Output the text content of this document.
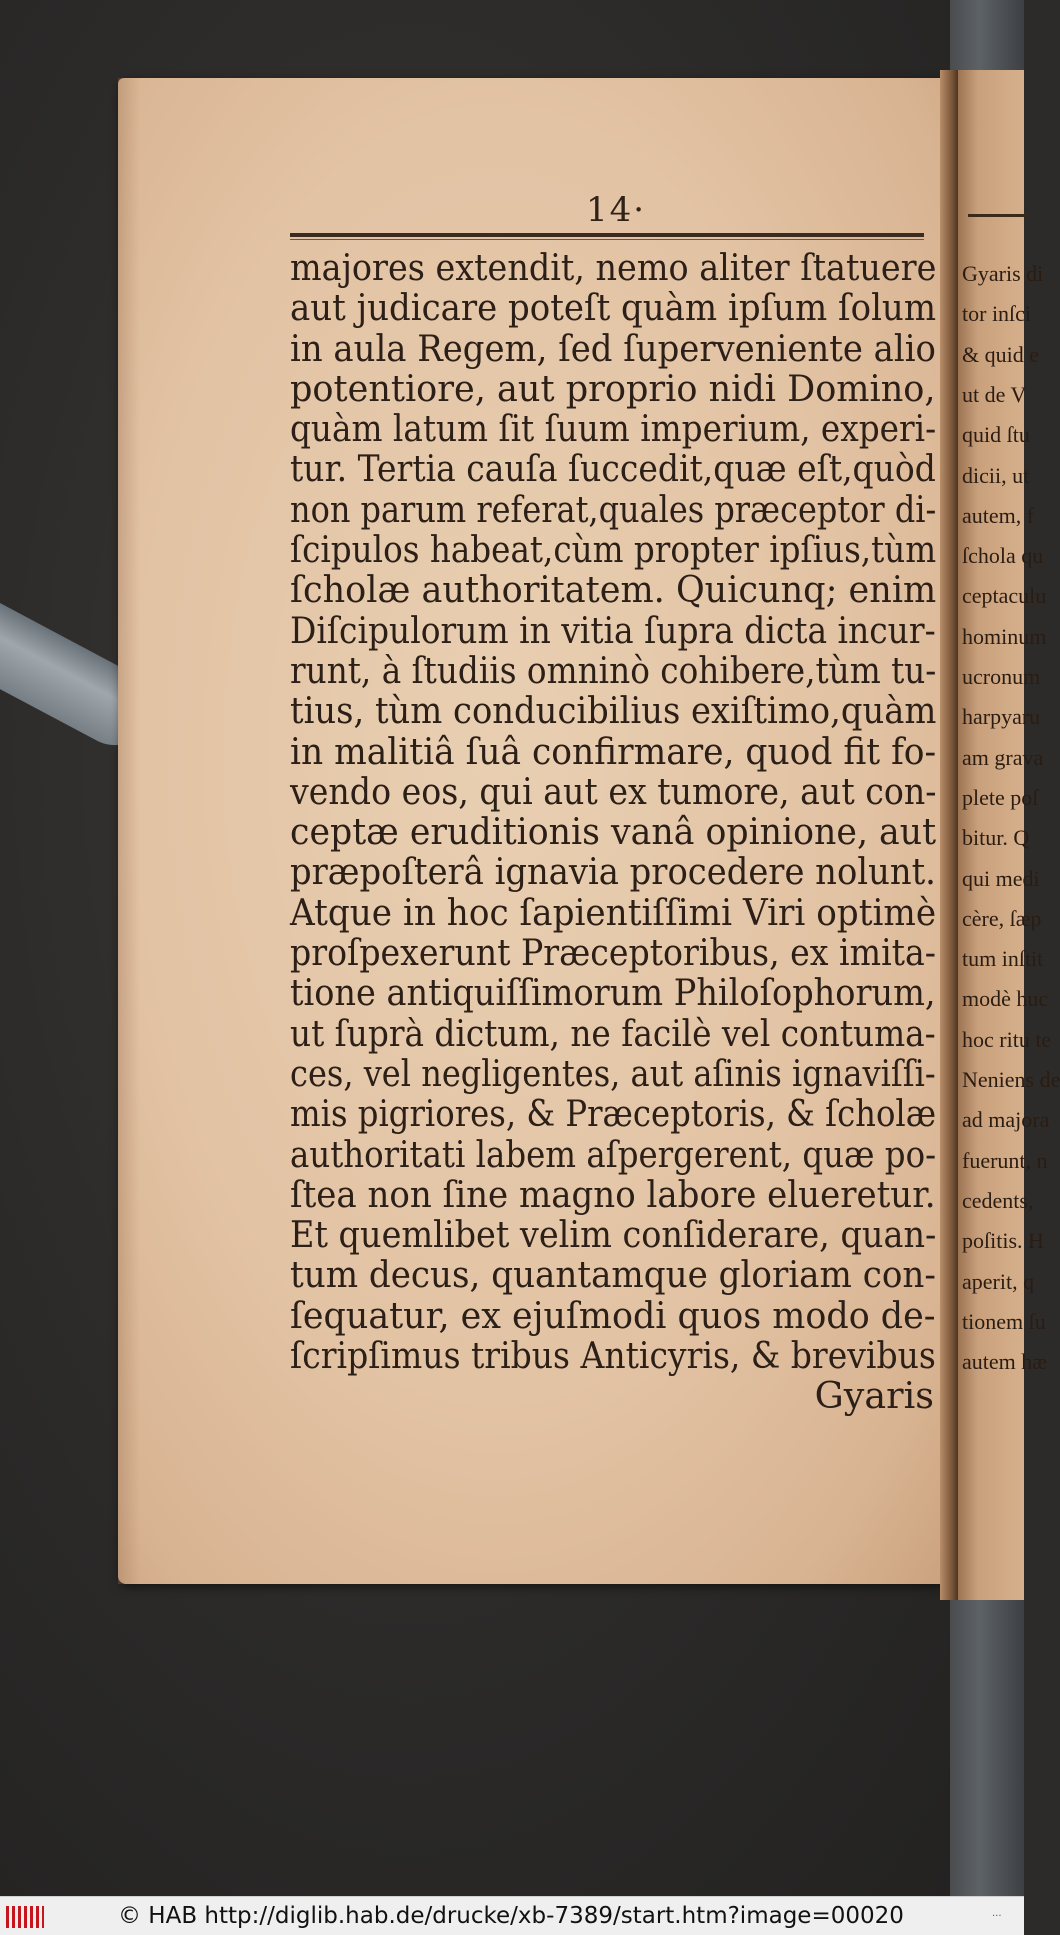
Gyaris di
tor inſci
& quid e
ut de V
quid ſtu
dicii, ut
autem, f
ſchola qu
ceptaculu
hominum
ucronum
harpyaru
am grava
plete poſ
bitur. Q
qui medi
cère, ſæp
tum inſtit
modè huc
hoc ritu te
Neniens de
ad majora
fuerunt, n
cedents,
poſitis. H
aperit, q
tionem ſu
autem hæ
14·
majores extendit, nemo aliter ſtatuere
aut judicare poteſt quàm ipſum ſolum
in aula Regem, ſed ſuperveniente alio
potentiore, aut proprio nidi Domino,
quàm latum ſit ſuum imperium, experi-
tur. Tertia cauſa ſuccedit,quæ eſt,quòd
non parum referat,quales præceptor di-
ſcipulos habeat,cùm propter ipſius,tùm
ſcholæ authoritatem. Quicunq; enim
Diſcipulorum in vitia ſupra dicta incur-
runt, à ſtudiis omninò cohibere,tùm tu-
tius, tùm conducibilius exiſtimo,quàm
in malitiâ ſuâ confirmare, quod fit fo-
vendo eos, qui aut ex tumore, aut con-
ceptæ eruditionis vanâ opinione, aut
præpoſterâ ignavia procedere nolunt.
Atque in hoc ſapientiſſimi Viri optimè
proſpexerunt Præceptoribus, ex imita-
tione antiquiſſimorum Philoſophorum,
ut ſuprà dictum, ne facilè vel contuma-
ces, vel negligentes, aut aſinis ignaviſſi-
mis pigriores, & Præceptoris, & ſcholæ
authoritati labem aſpergerent, quæ po-
ſtea non ſine magno labore elueretur.
Et quemlibet velim conſiderare, quan-
tum decus, quantamque gloriam con-
ſequatur, ex ejuſmodi quos modo de-
ſcripſimus tribus Anticyris, & brevibus
Gyaris
© HAB http://diglib.hab.de/drucke/xb-7389/start.htm?image=00020	···
